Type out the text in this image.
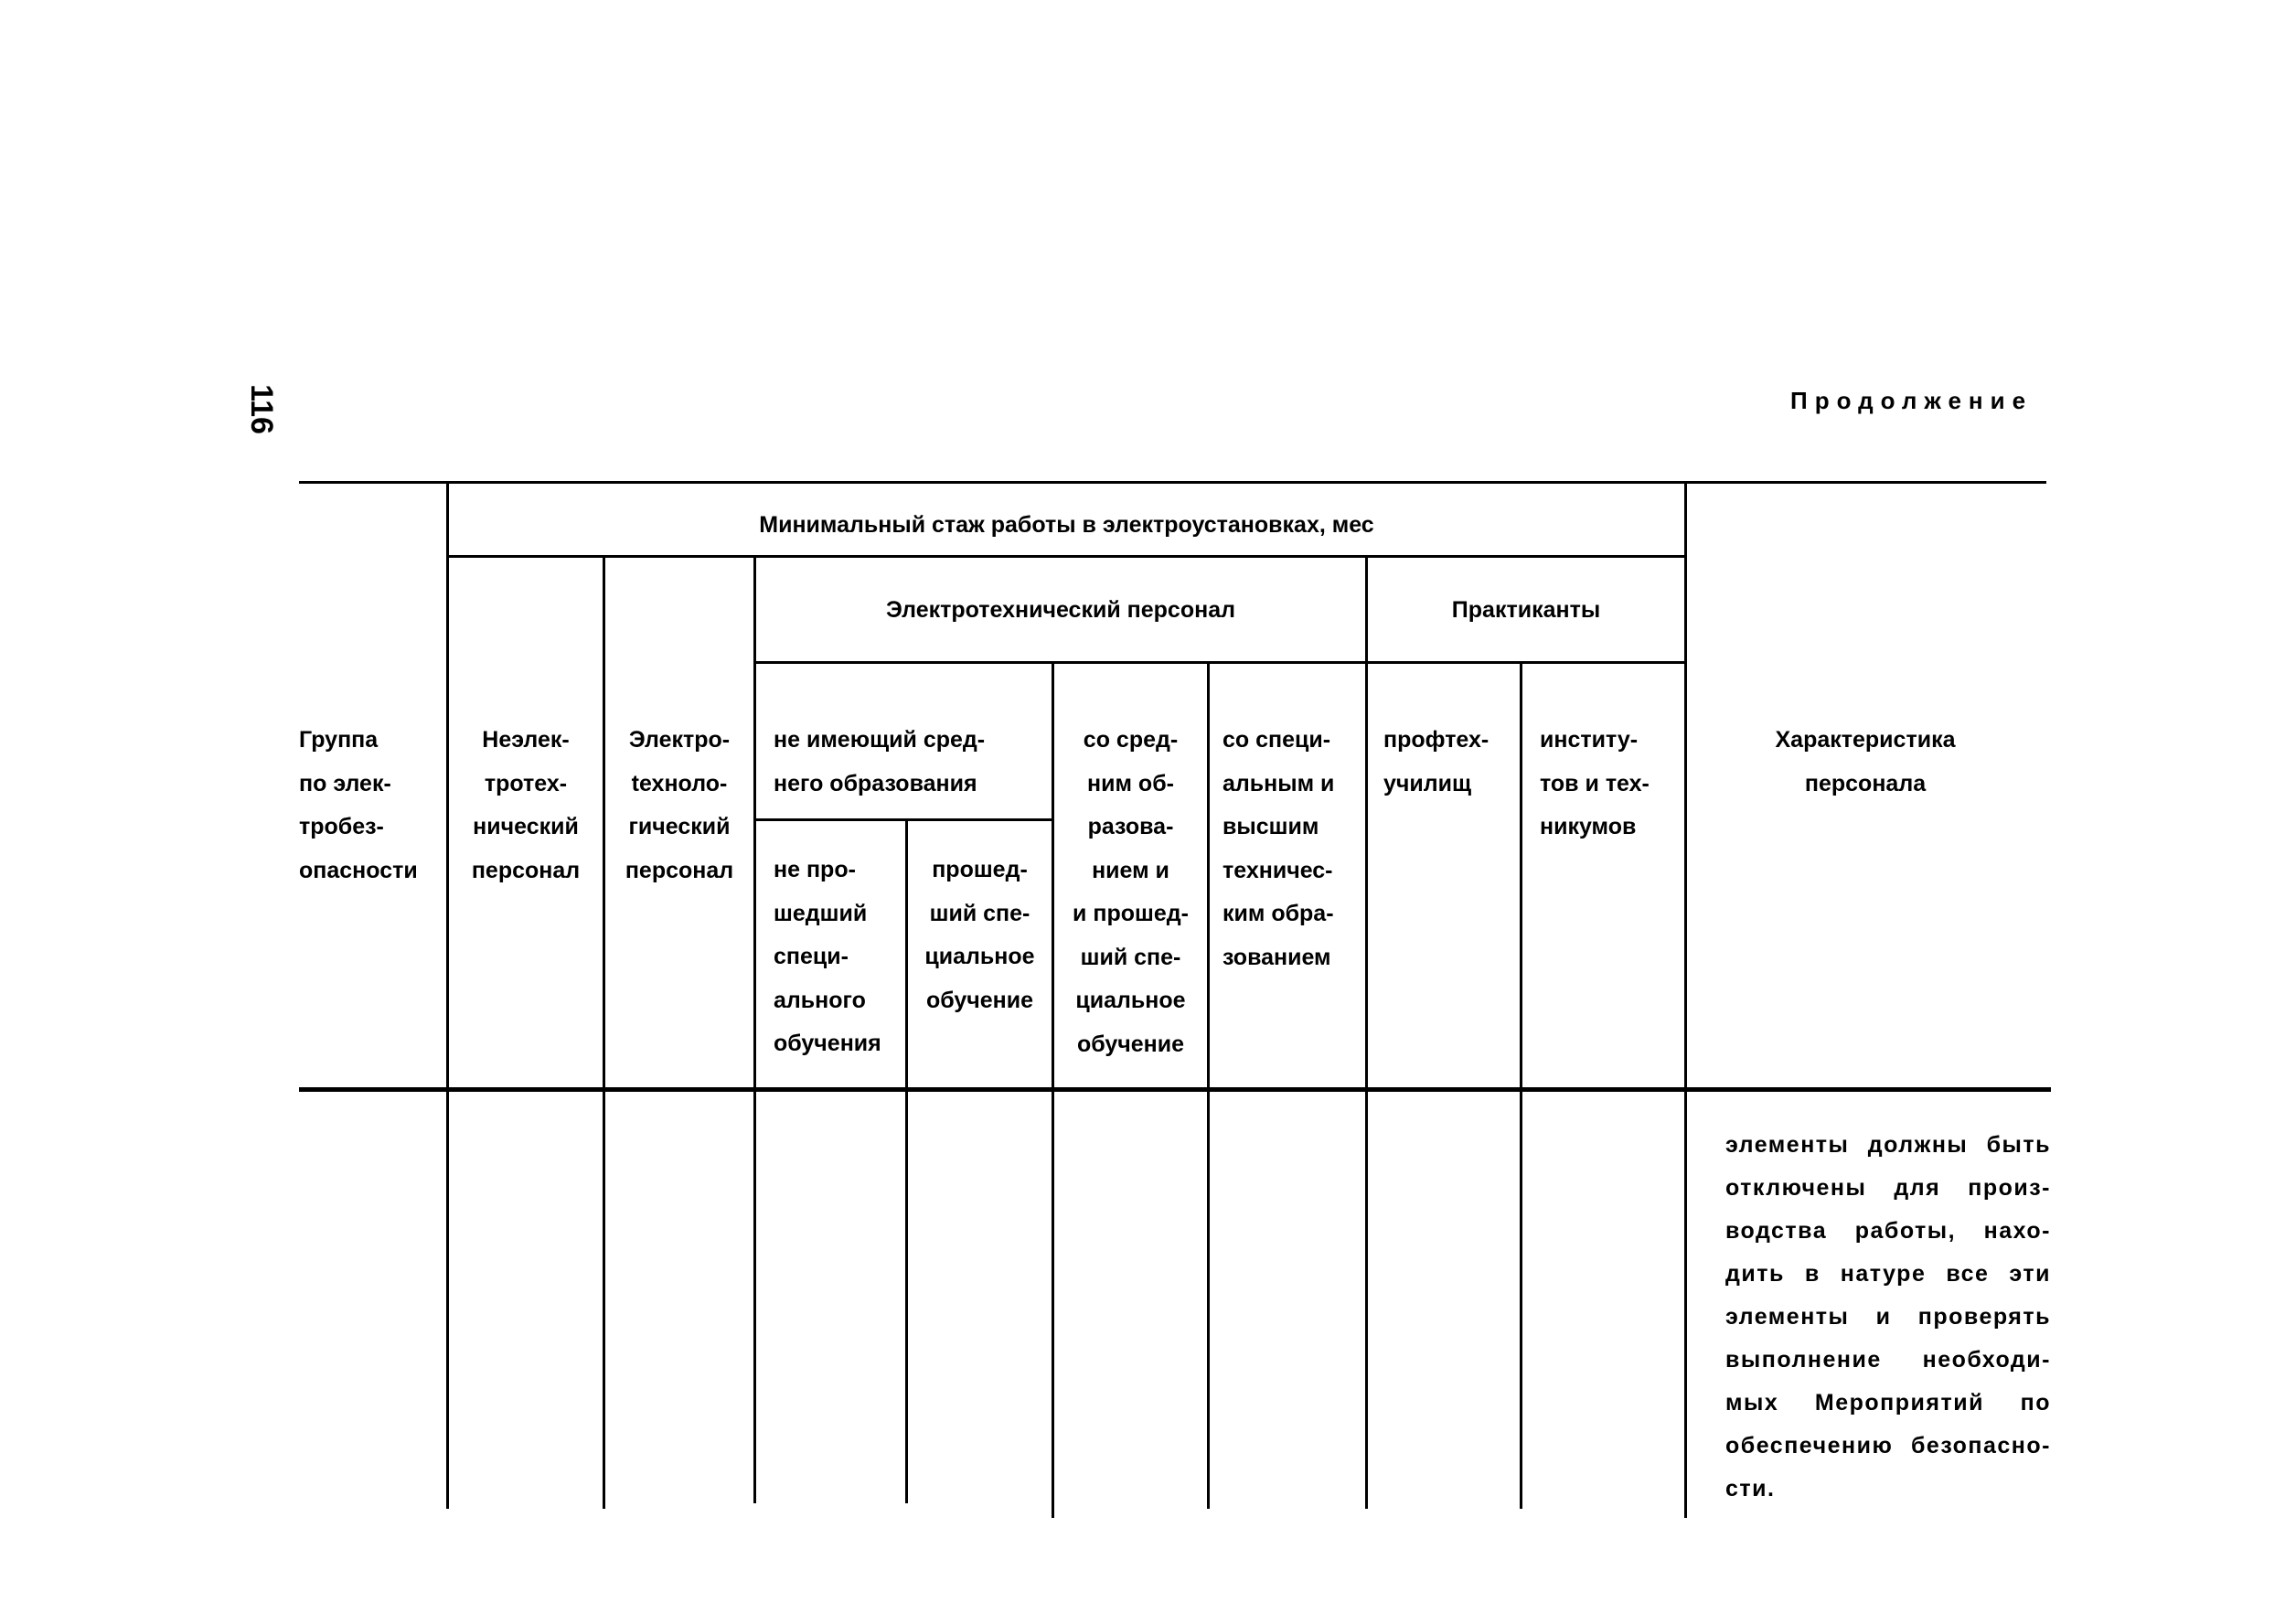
116	Продолжение
Группа
по элек-
тробез-
опасности
Минимальный стаж работы в электроустановках, мес
Неэлек-
тротех-
нический
персонал
Электро-
tехноло-
гический
персонал
Электротехнический персонал
не имеющий сред-
него образования
не про-
шедший
специ-
ального
обучения
прошед-
ший спе-
циальное
обучение
со сред-
ним об-
разова-
нием и
и прошед-
ший спе-
циальное
обучение
со специ-
альным и
высшим
техничес-
ким обра-
зованием
Практиканты
профтех-
училищ
институ-
тов и тех-
никумов
Характеристика
персонала
элементы должны быть
отключены для произ-
водства работы, нахо-
дить в натуре все эти
элементы и проверять
выполнение необходи-
мых Мероприятий по
обеспечению безопасно-
сти.
